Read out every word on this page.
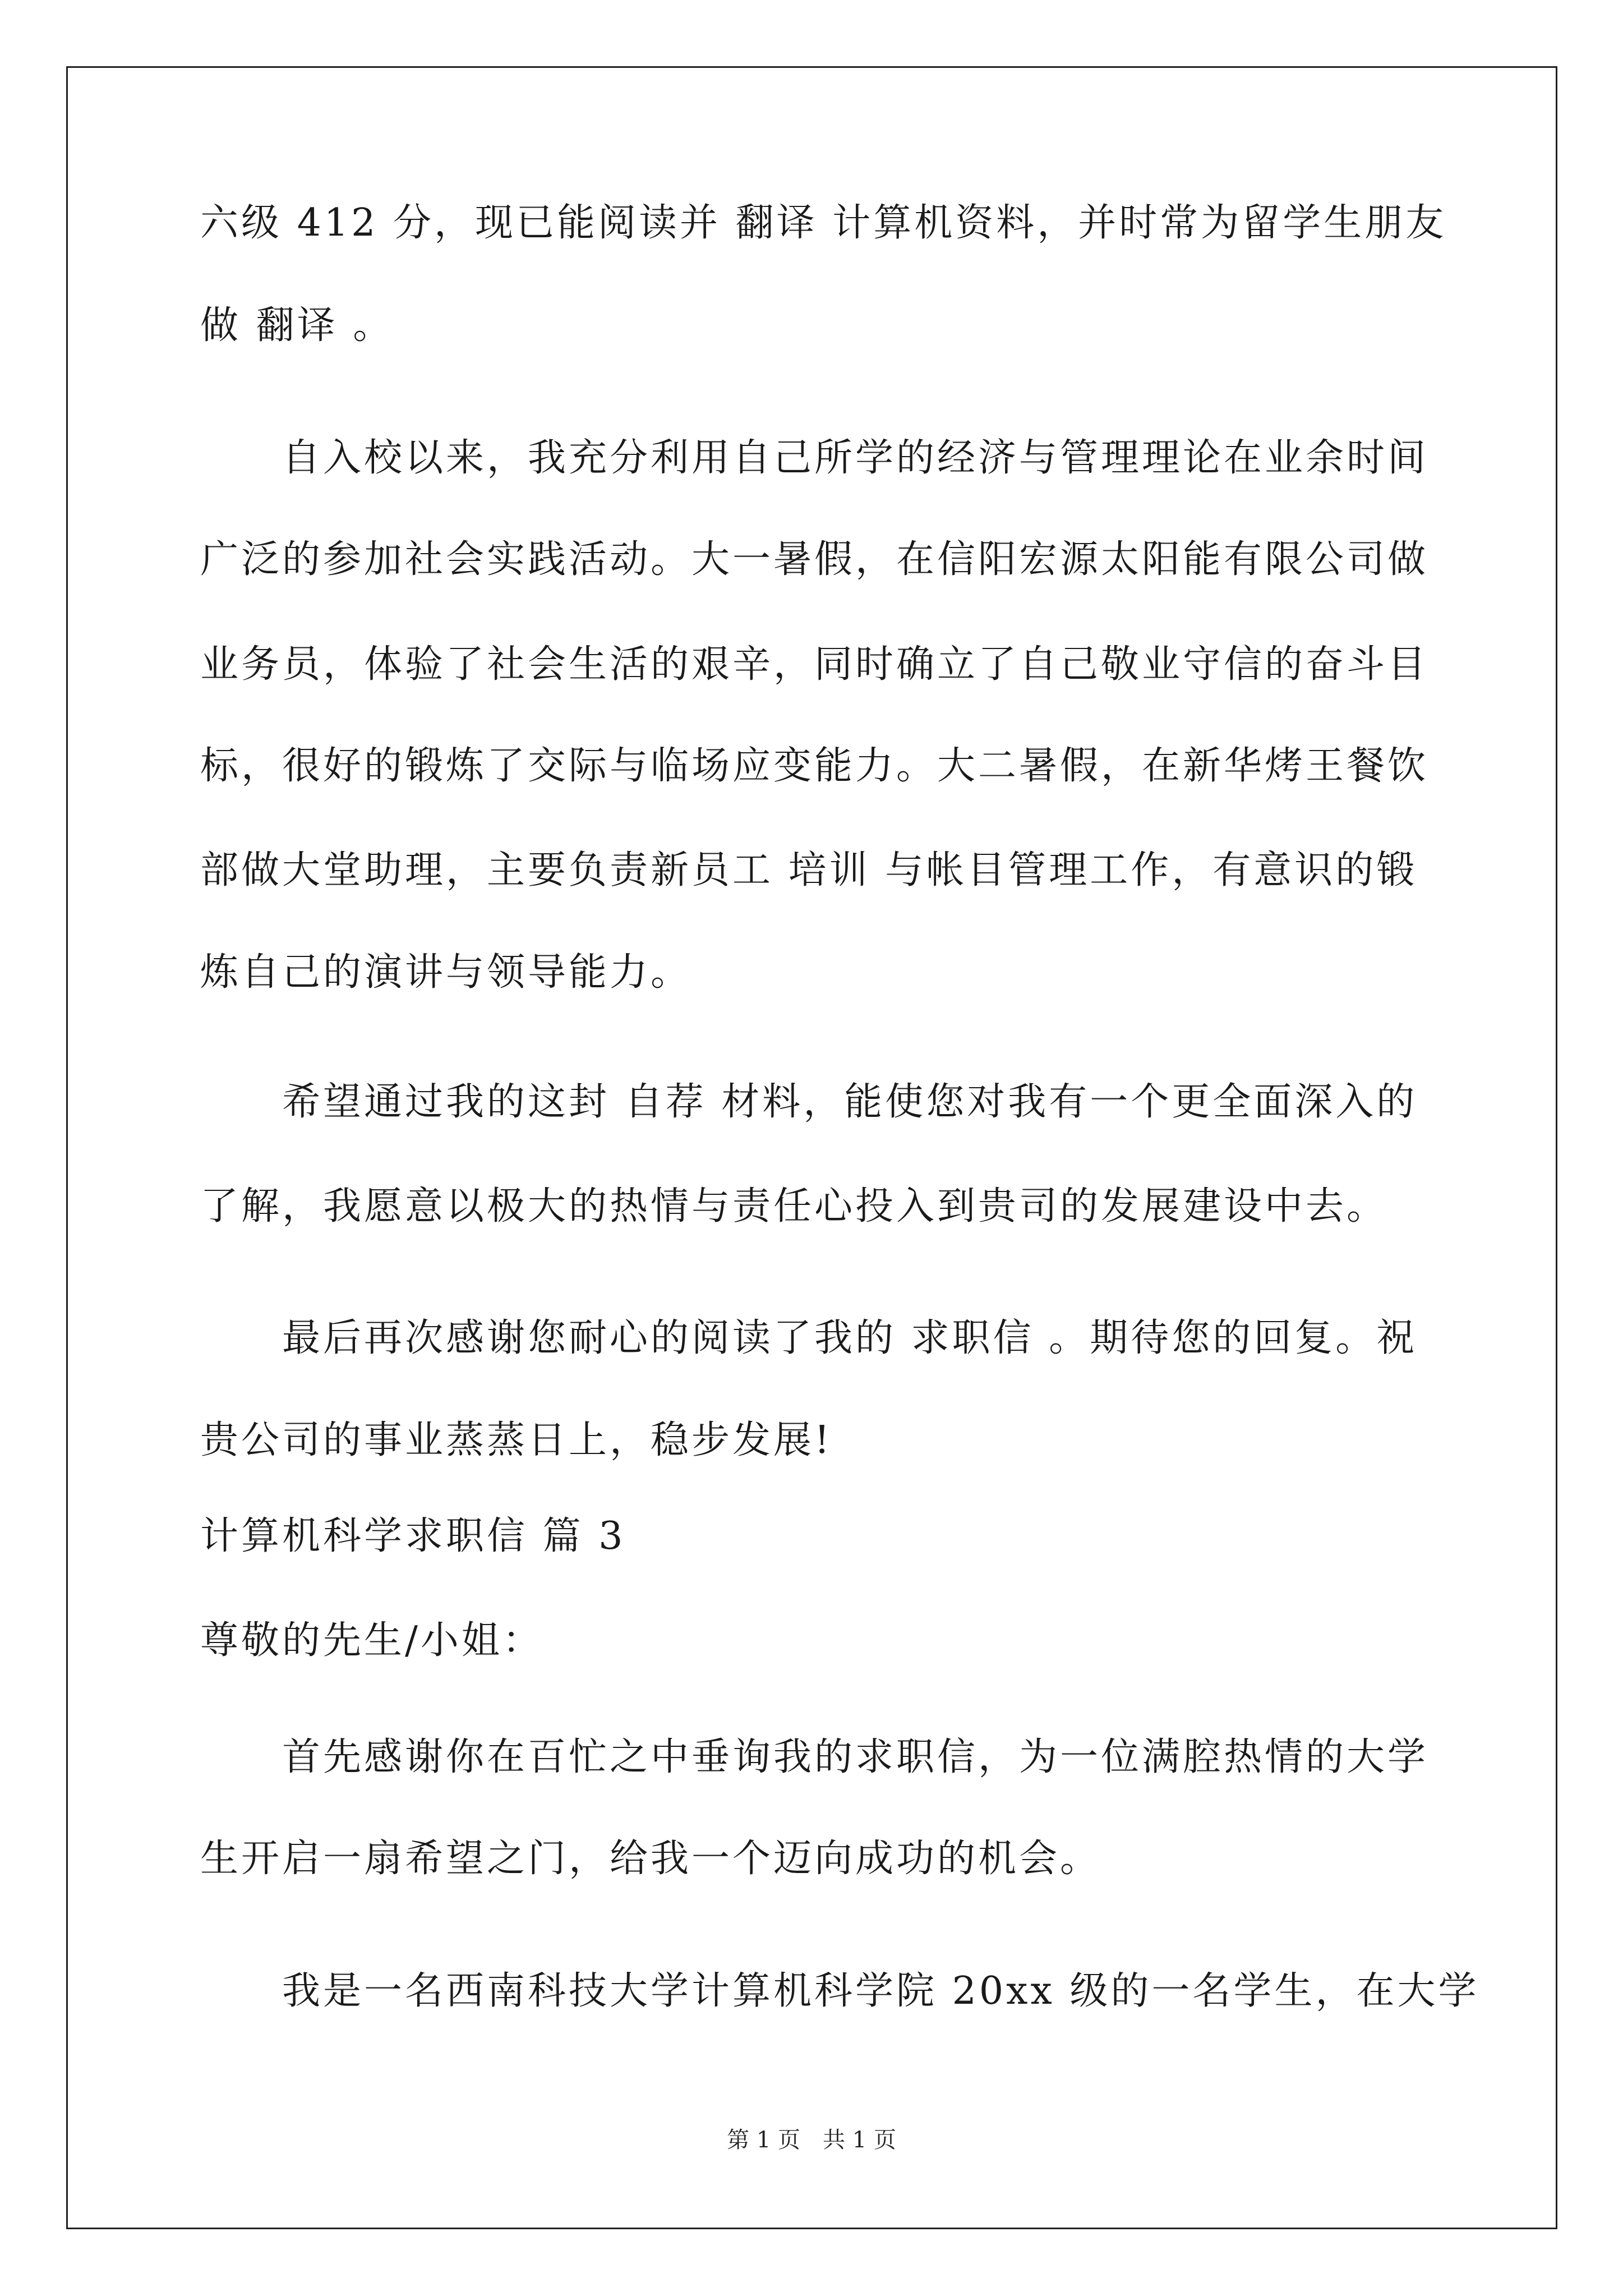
六级 412 分，现已能阅读并 翻译 计算机资料，并时常为留学生朋友
做 翻译 。
　　自入校以来，我充分利用自己所学的经济与管理理论在业余时间
广泛的参加社会实践活动。大一暑假，在信阳宏源太阳能有限公司做
业务员，体验了社会生活的艰辛，同时确立了自己敬业守信的奋斗目
标，很好的锻炼了交际与临场应变能力。大二暑假，在新华烤王餐饮
部做大堂助理，主要负责新员工 培训 与帐目管理工作，有意识的锻
炼自己的演讲与领导能力。
　　希望通过我的这封 自荐 材料，能使您对我有一个更全面深入的
了解，我愿意以极大的热情与责任心投入到贵司的发展建设中去。
　　最后再次感谢您耐心的阅读了我的 求职信 。期待您的回复。祝
贵公司的事业蒸蒸日上，稳步发展!
计算机科学求职信 篇 3
尊敬的先生/小姐：
　　首先感谢你在百忙之中垂询我的求职信，为一位满腔热情的大学
生开启一扇希望之门，给我一个迈向成功的机会。
　　我是一名西南科技大学计算机科学院 20xx 级的一名学生，在大学
第 1 页　共 1 页
